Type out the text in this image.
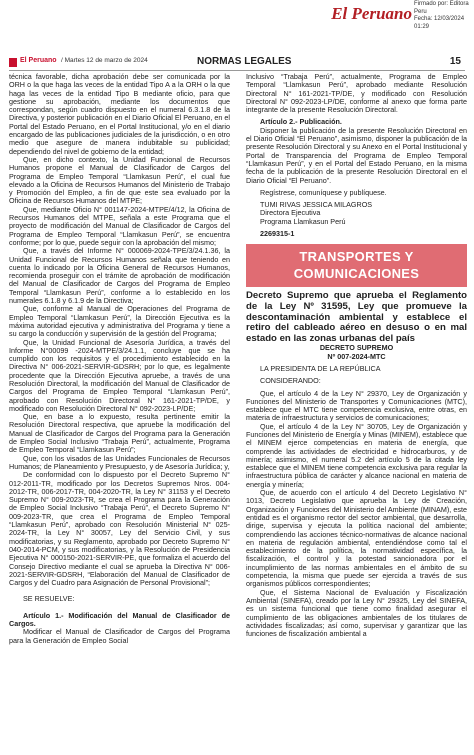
El Peruano Firmado por: Editora
Peru
Fecha: 12/03/2024 01:29
El Peruano / Martes 12 de marzo de 2024	NORMAS LEGALES	15

técnica favorable, dicha aprobación debe ser comunicada por la ORH o la que haga las veces de la entidad Tipo A a la ORH o la que haga las veces de la entidad Tipo B mediante oficio, para que gestione su aprobación, mediante los documentos que correspondan, según cuadro dispuesto en el numeral 6.3.1.8 de la Directiva, y posterior publicación en el Diario Oficial El Peruano, en el Portal del Estado Peruano, en el Portal Institucional, y/o en el diario encargado de las publicaciones judiciales de la jurisdicción, o en otro medio que asegure de manera indubitable su publicidad; dependiendo del nivel de gobierno de la entidad;

Que, en dicho contexto, la Unidad Funcional de Recursos Humanos propone el Manual de Clasificador de Cargos del Programa de Empleo Temporal “Llamkasun Perú”, el cual fue elevado a la Oficina de Recursos Humanos del Ministerio de Trabajo y Promoción del Empleo, a fin de que este sea evaluado por la Oficina de Recursos Humanos del MTPE;

Que, mediante Oficio N° 001147-2024-MTPE/4/12, la Oficina de Recursos Humanos del MTPE, señala a este Programa que el proyecto de modificación del Manual de Clasificador de Cargos del Programa de Empleo Temporal “Llamkasun Perú”, se encuentra conforme; por lo que, puede seguir con la aprobación del mismo;

Que, a través del Informe N° 000069-2024-TPE/3/24.1.36, la Unidad Funcional de Recursos Humanos señala que teniendo en cuenta lo indicado por la Oficina General de Recursos Humanos, recomienda proseguir con el trámite de aprobación de modificación del Manual de Clasificador de Cargos del Programa de Empleo Temporal “Llamkasun Perú”, conforme a lo establecido en los numerales 6.1.8 y 6.1.9 de la Directiva;

Que, conforme al Manual de Operaciones del Programa de Empleo Temporal “Llamkasun Perú”, la Dirección Ejecutiva es la máxima autoridad ejecutiva y administrativa del Programa y tiene a su cargo la conducción y supervisión de la gestión del Programa;

Que, la Unidad Funcional de Asesoría Jurídica, a través del Informe N°00099 -2024-MTPE/3/24.1.1, concluye que se ha cumplido con los requisitos y el procedimiento establecido en la Directiva N° 006-2021-SERVIR-GDSRH; por lo que, es legalmente procedente que la Dirección Ejecutiva apruebe, a través de una Resolución Directoral, la modificación del Manual de Clasificador de Cargos del Programa de Empleo Temporal “Llamkasun Perú”, aprobado con Resolución Directoral N° 161-2021-TP/DE, y modificado con Resolución Directoral N° 092-2023-LP/DE;

Que, en base a lo expuesto, resulta pertinente emitir la Resolución Directoral respectiva, que apruebe la modificación del Manual de Clasificador de Cargos del Programa para la Generación de Empleo Social Inclusivo “Trabaja Perú”, actualmente, Programa de Empleo Temporal “Llamkasun Perú”;

Que, con los visados de las Unidades Funcionales de Recursos Humanos; de Planeamiento y Presupuesto, y de Asesoría Jurídica; y,

De conformidad con lo dispuesto por el Decreto Supremo N° 012-2011-TR, modificado por los Decretos Supremos Nros. 004-2012-TR, 006-2017-TR, 004-2020-TR, la Ley N° 31153 y el Decreto Supremo N° 009-2023-TR, se crea el Programa para la Generación de Empleo Social Inclusivo “Trabaja Perú”, el Decreto Supremo N° 009-2023-TR, que crea el Programa de Empleo Temporal “Llamkasun Perú”, aprobado con Resolución Ministerial N° 025-2024-TR, la Ley N° 30057, Ley del Servicio Civil, y sus modificatorias, y su Reglamento, aprobado por Decreto Supremo N° 040-2014-PCM, y sus modificatorias, y la Resolución de Presidencia Ejecutiva N° 000150-2021-SERVIR-PE, que formaliza el acuerdo del Consejo Directivo mediante el cual se aprueba la Directiva N° 006-2021-SERVIR-GDSRH, “Elaboración del Manual de Clasificador de Cargos y del Cuadro para Asignación de Personal Provisional”;

SE RESUELVE:

Artículo 1.- Modificación del Manual de Clasificador de Cargos.

Modificar el Manual de Clasificador de Cargos del Programa para la Generación de Empleo Social

Inclusivo “Trabaja Perú”, actualmente, Programa de Empleo Temporal “Llamkasun Perú”, aprobado mediante Resolución Directoral N° 161-2021-TP/DE, y modificado con Resolución Directoral N° 092-2023-LP/DE, conforme al anexo que forma parte integrante de la presente Resolución Directoral.

Artículo 2.- Publicación.

Disponer la publicación de la presente Resolución Directoral en el Diario Oficial “El Peruano”, asimismo, disponer la publicación de la presente Resolución Directoral y su Anexo en el Portal Institucional y Portal de Transparencia del Programa de Empleo Temporal “Llamkasun Perú”, y en el Portal del Estado Peruano, en la misma fecha de la publicación de la presente Resolución Directoral en el Diario Oficial “El Peruano”.

Regístrese, comuníquese y publíquese.

TUMI RIVAS JESSICA MILAGROS

Directora Ejecutiva

Programa Llamkasun Perú

2269315-1

TRANSPORTES Y
COMUNICACIONES

Decreto Supremo que aprueba el Reglamento de la Ley Nº 31595, Ley que promueve la descontaminación ambiental y establece el retiro del cableado aéreo en desuso o en mal estado en las zonas urbanas del país

DECRETO SUPREMO

Nº 007-2024-MTC

LA PRESIDENTA DE LA REPÚBLICA

CONSIDERANDO:

Que, el artículo 4 de la Ley N° 29370, Ley de Organización y Funciones del Ministerio de Transportes y Comunicaciones (MTC), establece que el MTC tiene competencia exclusiva, entre otras, en materia de infraestructura y servicios de comunicaciones;

Que, el artículo 4 de la Ley N° 30705, Ley de Organización y Funciones del Ministerio de Energía y Minas (MINEM), establece que el MINEM ejerce competencias en materia de energía, que comprende las actividades de electricidad e hidrocarburos, y de minería; asimismo, el numeral 5.2 del artículo 5 de la citada ley establece que el MINEM tiene competencia exclusiva para regular la infraestructura pública de carácter y alcance nacional en materia de energía y minería;

Que, de acuerdo con el artículo 4 del Decreto Legislativo N° 1013, Decreto Legislativo que aprueba la Ley de Creación, Organización y Funciones del Ministerio del Ambiente (MINAM), este entidad es el organismo rector del sector ambiental, que desarrolla, dirige, supervisa y ejecuta la política nacional del ambiente; comprendiendo las acciones técnico-normativas de alcance nacional en materia de regulación ambiental, entendiéndose como tal el establecimiento de la política, la normatividad específica, la fiscalización, el control y la potestad sancionadora por el incumplimiento de las normas ambientales en el ámbito de su competencia, la misma que puede ser ejercida a través de sus organismos públicos correspondientes;

Que, el Sistema Nacional de Evaluación y Fiscalización Ambiental (SINEFA), creado por la Ley N° 29325, Ley del SINEFA, es un sistema funcional que tiene como finalidad asegurar el cumplimiento de las obligaciones ambientales de los titulares de actividades fiscalizadas; así como, supervisar y garantizar que las funciones de fiscalización ambiental a
